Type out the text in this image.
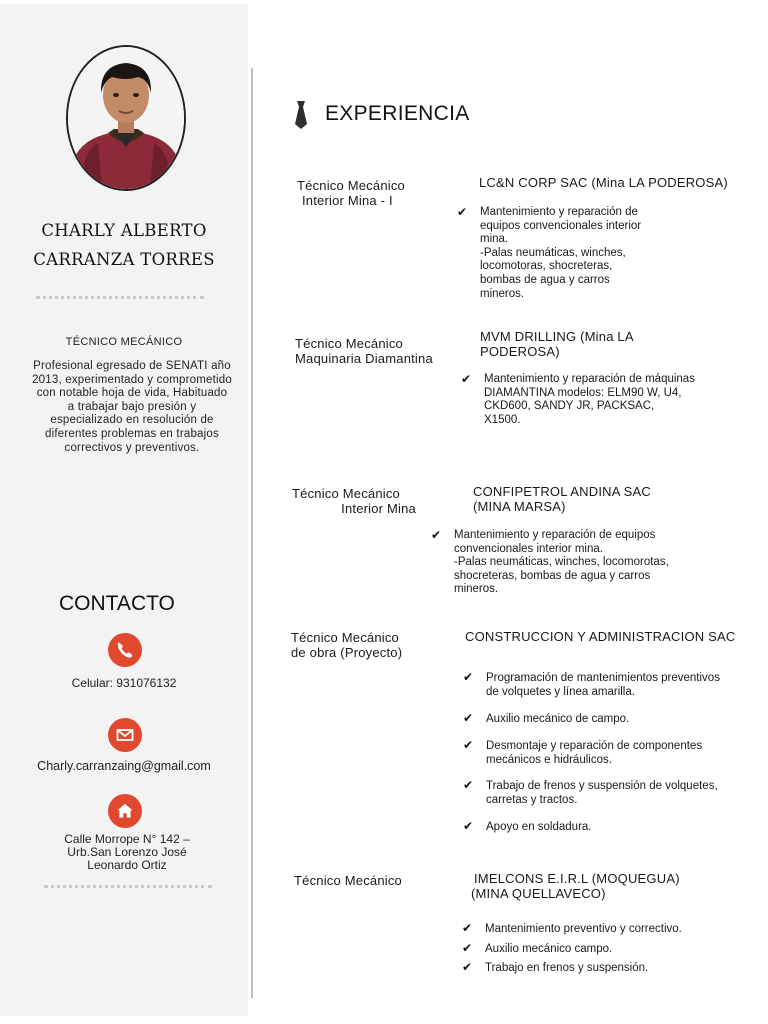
CHARLY ALBERTO
CARRANZA TORRES
TÉCNICO MECÁNICO
Profesional egresado de SENATI año 2013, experimentado y comprometido con notable hoja de vida, Habituado a trabajar bajo presión y especializado en resolución de diferentes problemas en trabajos correctivos y preventivos.
CONTACTO
Celular: 931076132
Charly.carranzaing@gmail.com
Calle Morrope N° 142 –
Urb.San Lorenzo José
Leonardo Ortiz
EXPERIENCIA
Técnico Mecánico
Interior Mina - I
LC&N CORP SAC (Mina LA PODEROSA)
✔ Mantenimiento y reparación de
equipos convencionales interior
mina.
-Palas neumáticas, winches,
locomotoras, shocreteras,
bombas de agua y carros
mineros.
Técnico Mecánico
Maquinaria Diamantina
MVM DRILLING (Mina LA
PODEROSA)
✔ Mantenimiento y reparación de máquinas
DIAMANTINA modelos: ELM90 W, U4,
CKD600, SANDY JR, PACKSAC,
X1500.
Técnico Mecánico
Interior Mina
CONFIPETROL ANDINA SAC
(MINA MARSA)
✔ Mantenimiento y reparación de equipos
convencionales interior mina.
-Palas neumáticas, winches, locomorotas,
shocreteras, bombas de agua y carros
mineros.
Técnico Mecánico
de obra (Proyecto)
CONSTRUCCION Y ADMINISTRACION SAC
✔ Programación de mantenimientos preventivos
de volquetes y línea amarilla.
✔ Auxilio mecánico de campo.
✔ Desmontaje y reparación de componentes
mecánicos e hidráulicos.
✔ Trabajo de frenos y suspensión de volquetes,
carretas y tractos.
✔ Apoyo en soldadura.
Técnico Mecánico	IMELCONS E.I.R.L (MOQUEGUA)
(MINA QUELLAVECO)
✔ Mantenimiento preventivo y correctivo.
✔ Auxilio mecánico campo.
✔ Trabajo en frenos y suspensión.
